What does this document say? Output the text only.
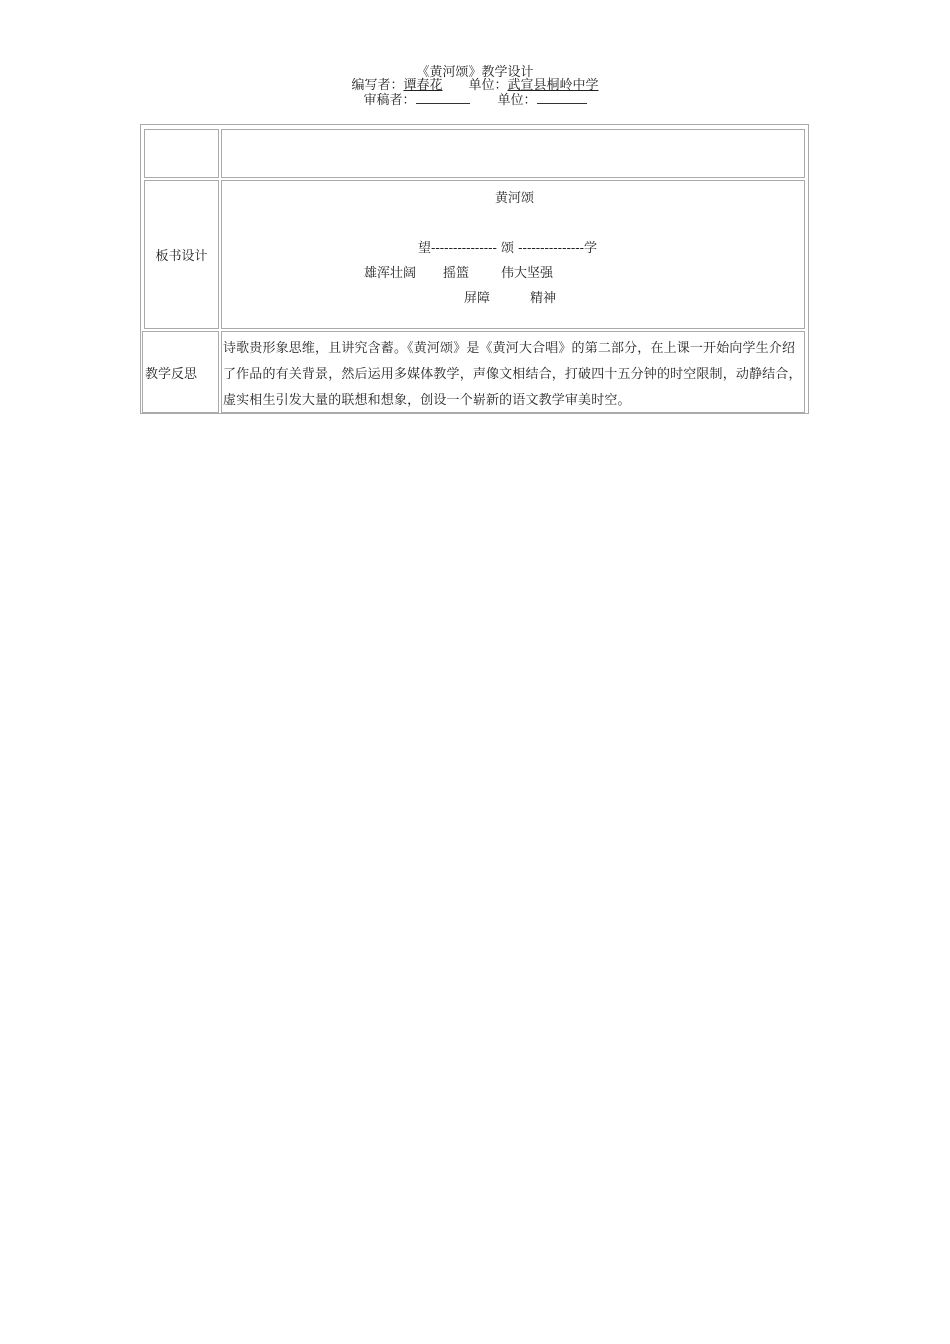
《黄河颂》教学设计
编写者：谭春花 单位：武宣县桐岭中学
审稿者：	单位：
板书设计
黄河颂
望--------------- 颂 ---------------学
雄浑壮阔 摇篮 伟大坚强
屏障	精神
教学反思
诗歌贵形象思维，且讲究含蓄。《黄河颂》是《黄河大合唱》的第二部分，在上课一开始向学生介绍了作品的有关背景，然后运用多媒体教学，声像文相结合，打破四十五分钟的时空限制，动静结合，虚实相生引发大量的联想和想象，创设一个崭新的语文教学审美时空。
